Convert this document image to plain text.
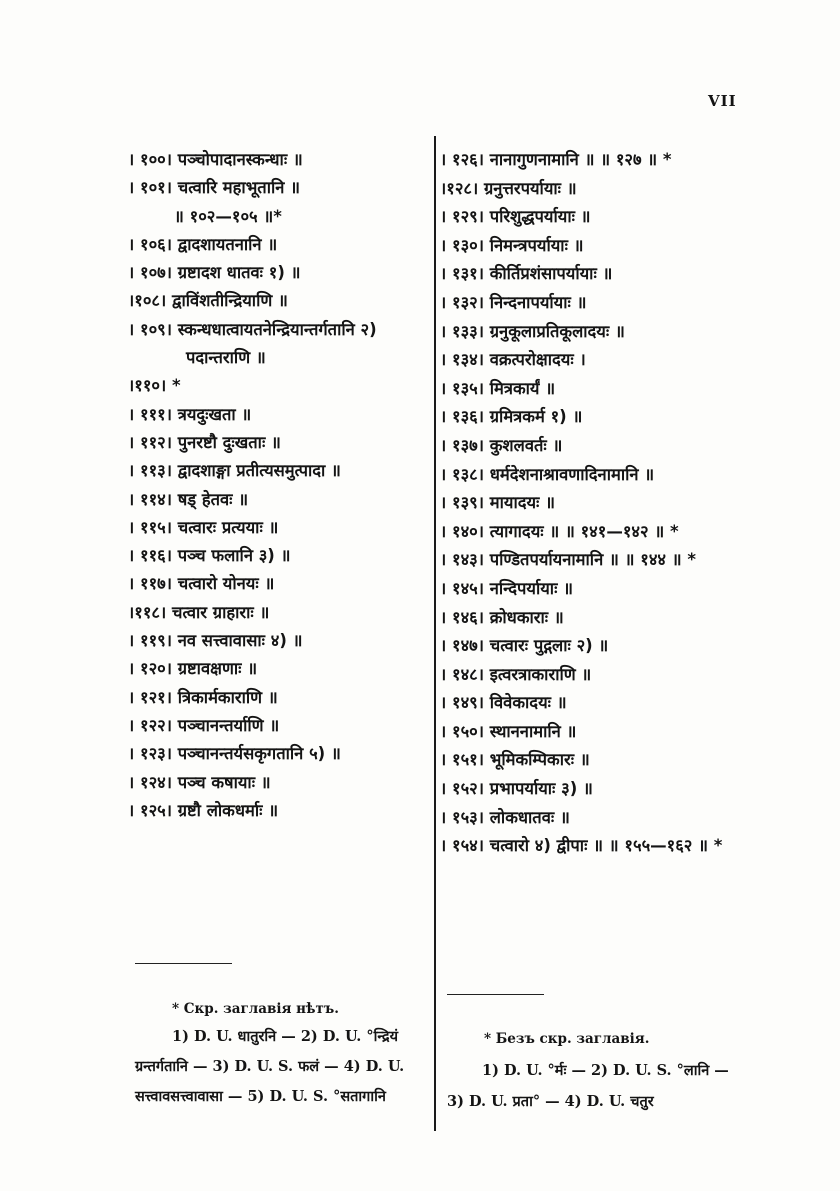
VII
। १००। पञ्चोपादानस्कन्धाः ॥
। १०१। चत्वारि महाभूतानि ॥
॥ १०२—१०५ ॥*
। १०६। द्वादशायतनानि ॥
। १०७। ग्रष्टादश धातवः १) ॥
।१०८। द्वाविंशतीन्द्रियाणि ॥
। १०९। स्कन्धधात्वायतनेन्द्रियान्तर्गतानि २)
पदान्तराणि ॥
।११०। *
। १११। त्रयदुःखता ॥
। ११२। पुनरष्टौ दुःखताः ॥
। ११३। द्वादशाङ्गा प्रतीत्यसमुत्पादा ॥
। ११४। षड् हेतवः ॥
। ११५। चत्वारः प्रत्ययाः ॥
। ११६। पञ्च फलानि ३) ॥
। ११७। चत्वारो योनयः ॥
।११८। चत्वार ग्राहाराः ॥
। ११९। नव सत्त्वावासाः ४) ॥
। १२०। ग्रष्टावक्षणाः ॥
। १२१। त्रिकार्मकाराणि ॥
। १२२। पञ्चानन्तर्याणि ॥
। १२३। पञ्चानन्तर्यसकृगतानि ५) ॥
। १२४। पञ्च कषायाः ॥
। १२५। ग्रष्टौ लोकधर्माः ॥
। १२६। नानागुणनामानि ॥ ॥ १२७ ॥ *
।१२८। ग्रनुत्तरपर्यायाः ॥
। १२९। परिशुद्धपर्यायाः ॥
। १३०। निमन्त्रपर्यायाः ॥
। १३१। कीर्तिप्रशंसापर्यायाः ॥
। १३२। निन्दनापर्यायाः ॥
। १३३। ग्रनुकूलाप्रतिकूलादयः ॥
। १३४। वक्रत्परोक्षादयः ।
। १३५। मित्रकार्यं ॥
। १३६। ग्रमित्रकर्म १) ॥
। १३७। कुशलवर्तः ॥
। १३८। धर्मदेशनाश्रावणादिनामानि ॥
। १३९। मायादयः ॥
। १४०। त्यागादयः ॥ ॥ १४१—१४२ ॥ *
। १४३। पण्डितपर्यायनामानि ॥ ॥ १४४ ॥ *
। १४५। नन्दिपर्यायाः ॥
। १४६। क्रोधकाराः ॥
। १४७। चत्वारः पुद्गलाः २) ॥
। १४८। इत्वरत्राकाराणि ॥
। १४९। विवेकादयः ॥
। १५०। स्थाननामानि ॥
। १५१। भूमिकम्पिकारः ॥
। १५२। प्रभापर्यायाः ३) ॥
। १५३। लोकधातवः ॥
। १५४। चत्वारो ४) द्वीपाः ॥ ॥ १५५—१६२ ॥ *
* Скр. заглавія нѣтъ.
1) D. U. धातुरनि — 2) D. U. °न्द्रियं
ग्रन्तर्गतानि — 3) D. U. S. फलं — 4) D. U.
सत्त्वावसत्त्वावासा — 5) D. U. S. °सतागानि
* Безъ скр. заглавія.
1) D. U. °र्मः — 2) D. U. S. °लानि —
3) D. U. प्रता° — 4) D. U. चतुर
